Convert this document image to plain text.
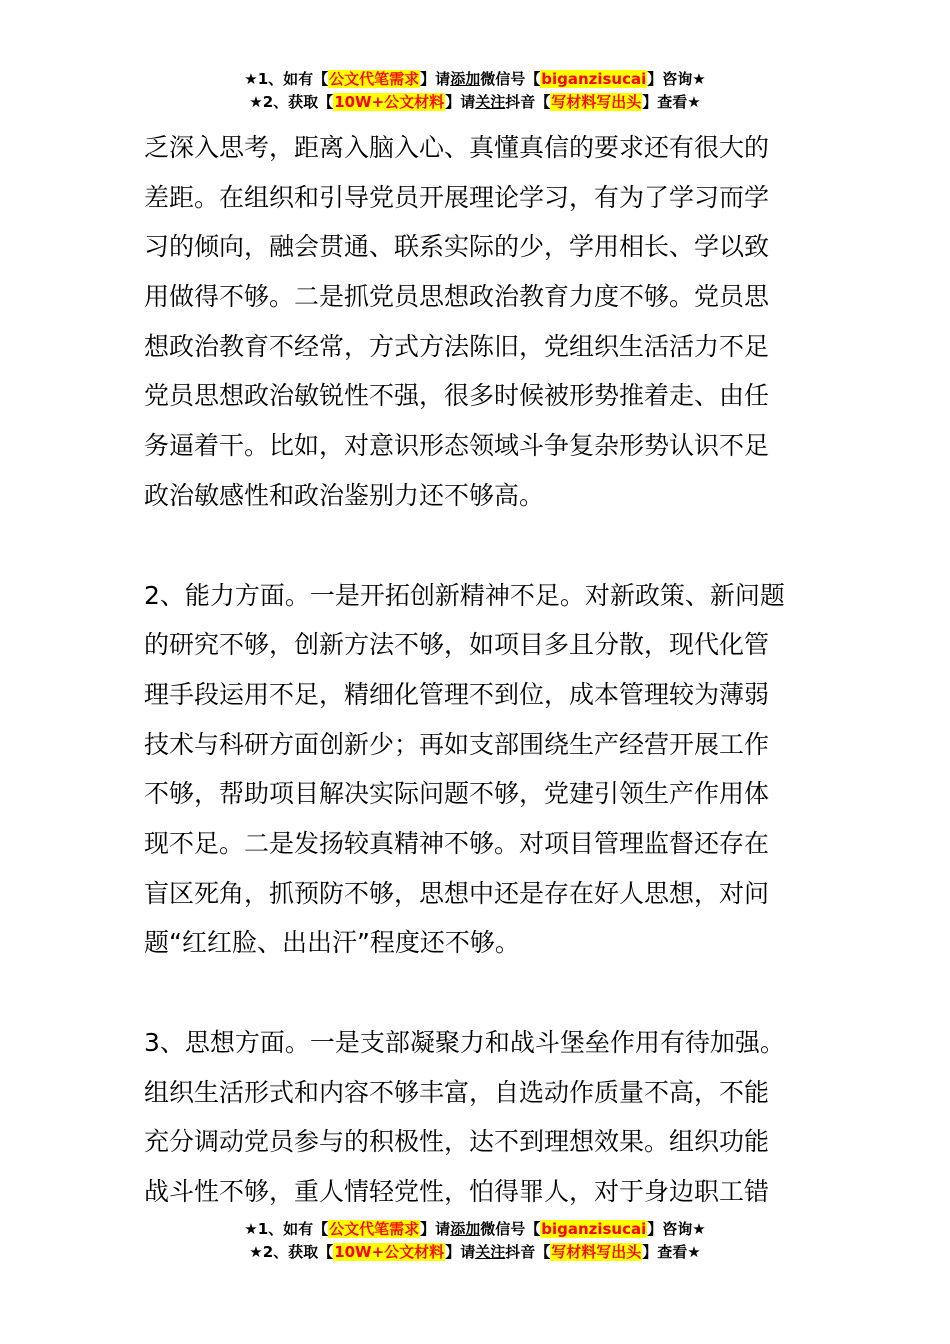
★1、如有【公文代笔需求】请添加微信号【biganzisucai】咨询★
★2、获取【10W+公文材料】请关注抖音【写材料写出头】查看★
乏深入思考，距离入脑入心、真懂真信的要求还有很大的
差距。在组织和引导党员开展理论学习，有为了学习而学
习的倾向，融会贯通、联系实际的少，学用相长、学以致
用做得不够。二是抓党员思想政治教育力度不够。党员思
想政治教育不经常，方式方法陈旧，党组织生活活力不足
党员思想政治敏锐性不强，很多时候被形势推着走、由任
务逼着干。比如，对意识形态领域斗争复杂形势认识不足
政治敏感性和政治鉴别力还不够高。
2、能力方面。一是开拓创新精神不足。对新政策、新问题
的研究不够，创新方法不够，如项目多且分散，现代化管
理手段运用不足，精细化管理不到位，成本管理较为薄弱
技术与科研方面创新少；再如支部围绕生产经营开展工作
不够，帮助项目解决实际问题不够，党建引领生产作用体
现不足。二是发扬较真精神不够。对项目管理监督还存在
盲区死角，抓预防不够，思想中还是存在好人思想，对问
题“红红脸、出出汗”程度还不够。
3、思想方面。一是支部凝聚力和战斗堡垒作用有待加强。
组织生活形式和内容不够丰富，自选动作质量不高，不能
充分调动党员参与的积极性，达不到理想效果。组织功能
战斗性不够，重人情轻党性，怕得罪人，对于身边职工错
★1、如有【公文代笔需求】请添加微信号【biganzisucai】咨询★
★2、获取【10W+公文材料】请关注抖音【写材料写出头】查看★
